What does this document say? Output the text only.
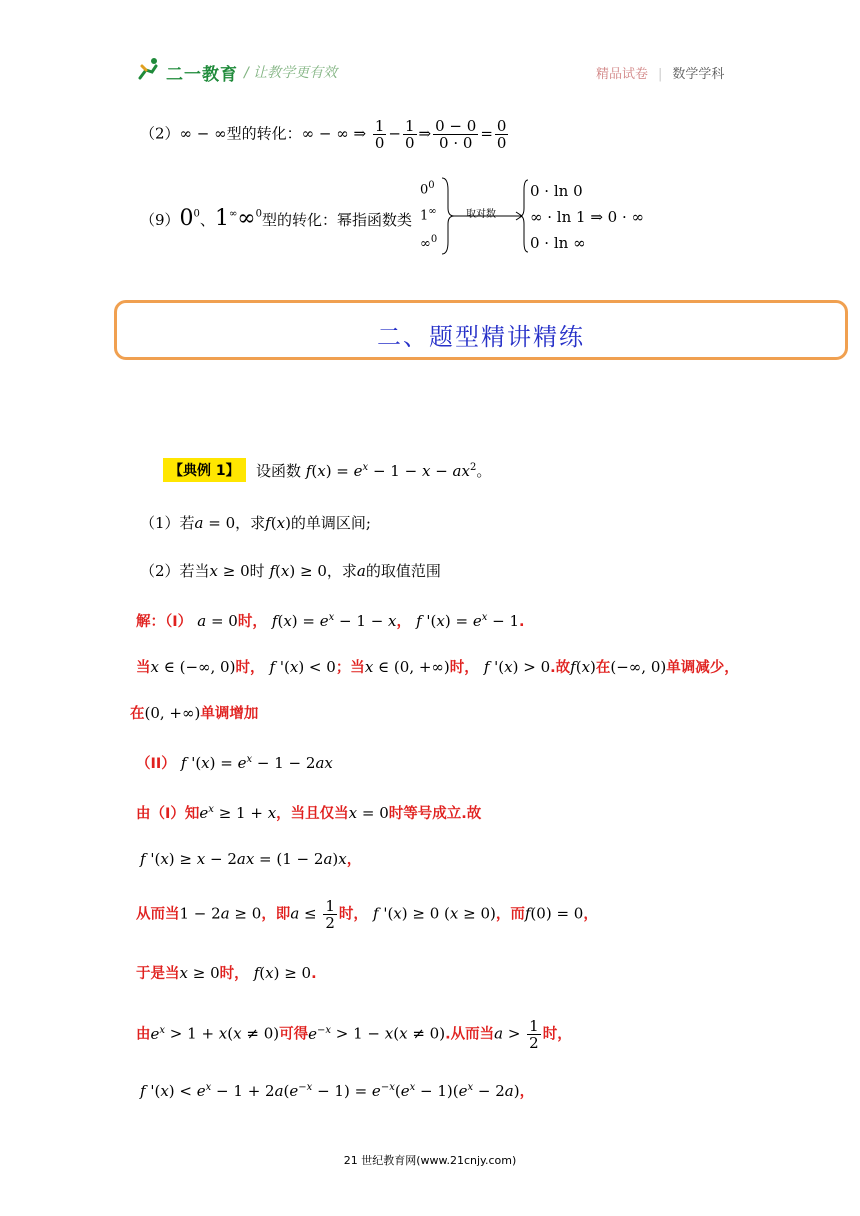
二一教育 / 让教学更有效	精品试卷 | 数学学科
（2）∞ − ∞型的转化：∞ − ∞ ⇒ $\frac{1}{0} - \frac{1}{0}$ ⇒ $\frac{0 - 0}{0 \cdot 0} = \frac{0}{0}$
$(9)0^0$、1∞∞$^0$型的转化：幂指函数类
$0^0$
1∞
∞$^0$
取对数
0 · ln 0
∞ · ln 1 ⇒ 0 · ∞
0 · ln ∞
二、题型精讲精练
【典例 1】	设函数 $f(x) = e^x - 1 - x - ax^2$。
（1）若a = 0，求f(x)的单调区间;
（2）若当x ≥ 0时 f(x) ≥ 0，求a的取值范围
解：（I） a = 0时， $f(x) = e^x - 1 - x$， f '$(x) = e^x - 1$.
当x ∈ (−∞, 0)时， f '(x) < 0；当x ∈ (0, +∞)时， f '(x) > 0.故f(x)在(−∞, 0)单调减少，
在(0, +∞)单调增加
（II） f '$(x) = e^x - 1 - 2ax$
由（I）知$e^x \ge 1 + x$，当且仅当x = 0时等号成立.故
f '(x) ≥ x − 2ax = (1 − 2a)x，
从而当1 − 2a ≥ 0，即$a \le \frac{1}{2}$ 时， f '(x) ≥ 0 (x ≥ 0)，而f(0) = 0，
于是当x ≥ 0时， f(x) ≥ 0.
由$e^x > 1 + x(x \ne 0)$可得$e^{-x} > 1 - x(x \ne 0)$.从而当$a > \frac{1}{2}$ 时，
f '$(x) < e^x - 1 + 2a(e^{-x} - 1) = e^{-x}(e^x - 1)(e^x - 2a)$，
21 世纪教育网(www.21cnjy.com)
